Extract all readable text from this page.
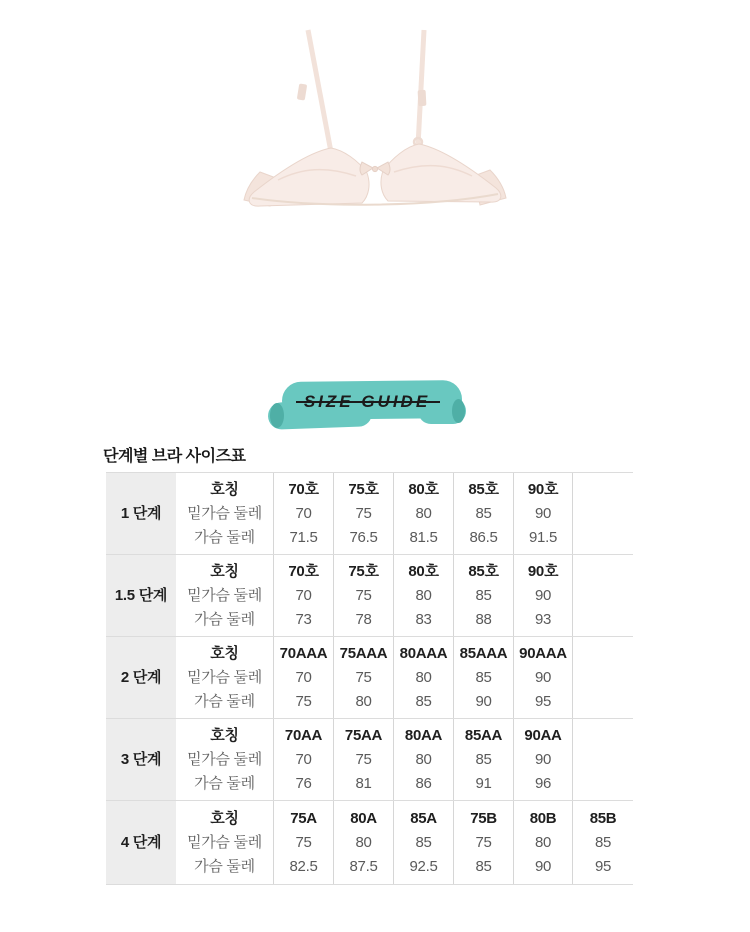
SIZE GUIDE
단계별 브라 사이즈표
1 단계
호칭
밑가슴 둘레
가슴 둘레
70호
70
71.5
75호
75
76.5
80호
80
81.5
85호
85
86.5
90호
90
91.5
1.5 단계
호칭
밑가슴 둘레
가슴 둘레
70호
70
73
75호
75
78
80호
80
83
85호
85
88
90호
90
93
2 단계
호칭
밑가슴 둘레
가슴 둘레
70AAA
70
75
75AAA
75
80
80AAA
80
85
85AAA
85
90
90AAA
90
95
3 단계
호칭
밑가슴 둘레
가슴 둘레
70AA
70
76
75AA
75
81
80AA
80
86
85AA
85
91
90AA
90
96
4 단계
호칭
밑가슴 둘레
가슴 둘레
75A
75
82.5
80A
80
87.5
85A
85
92.5
75B
75
85
80B
80
90
85B
85
95
